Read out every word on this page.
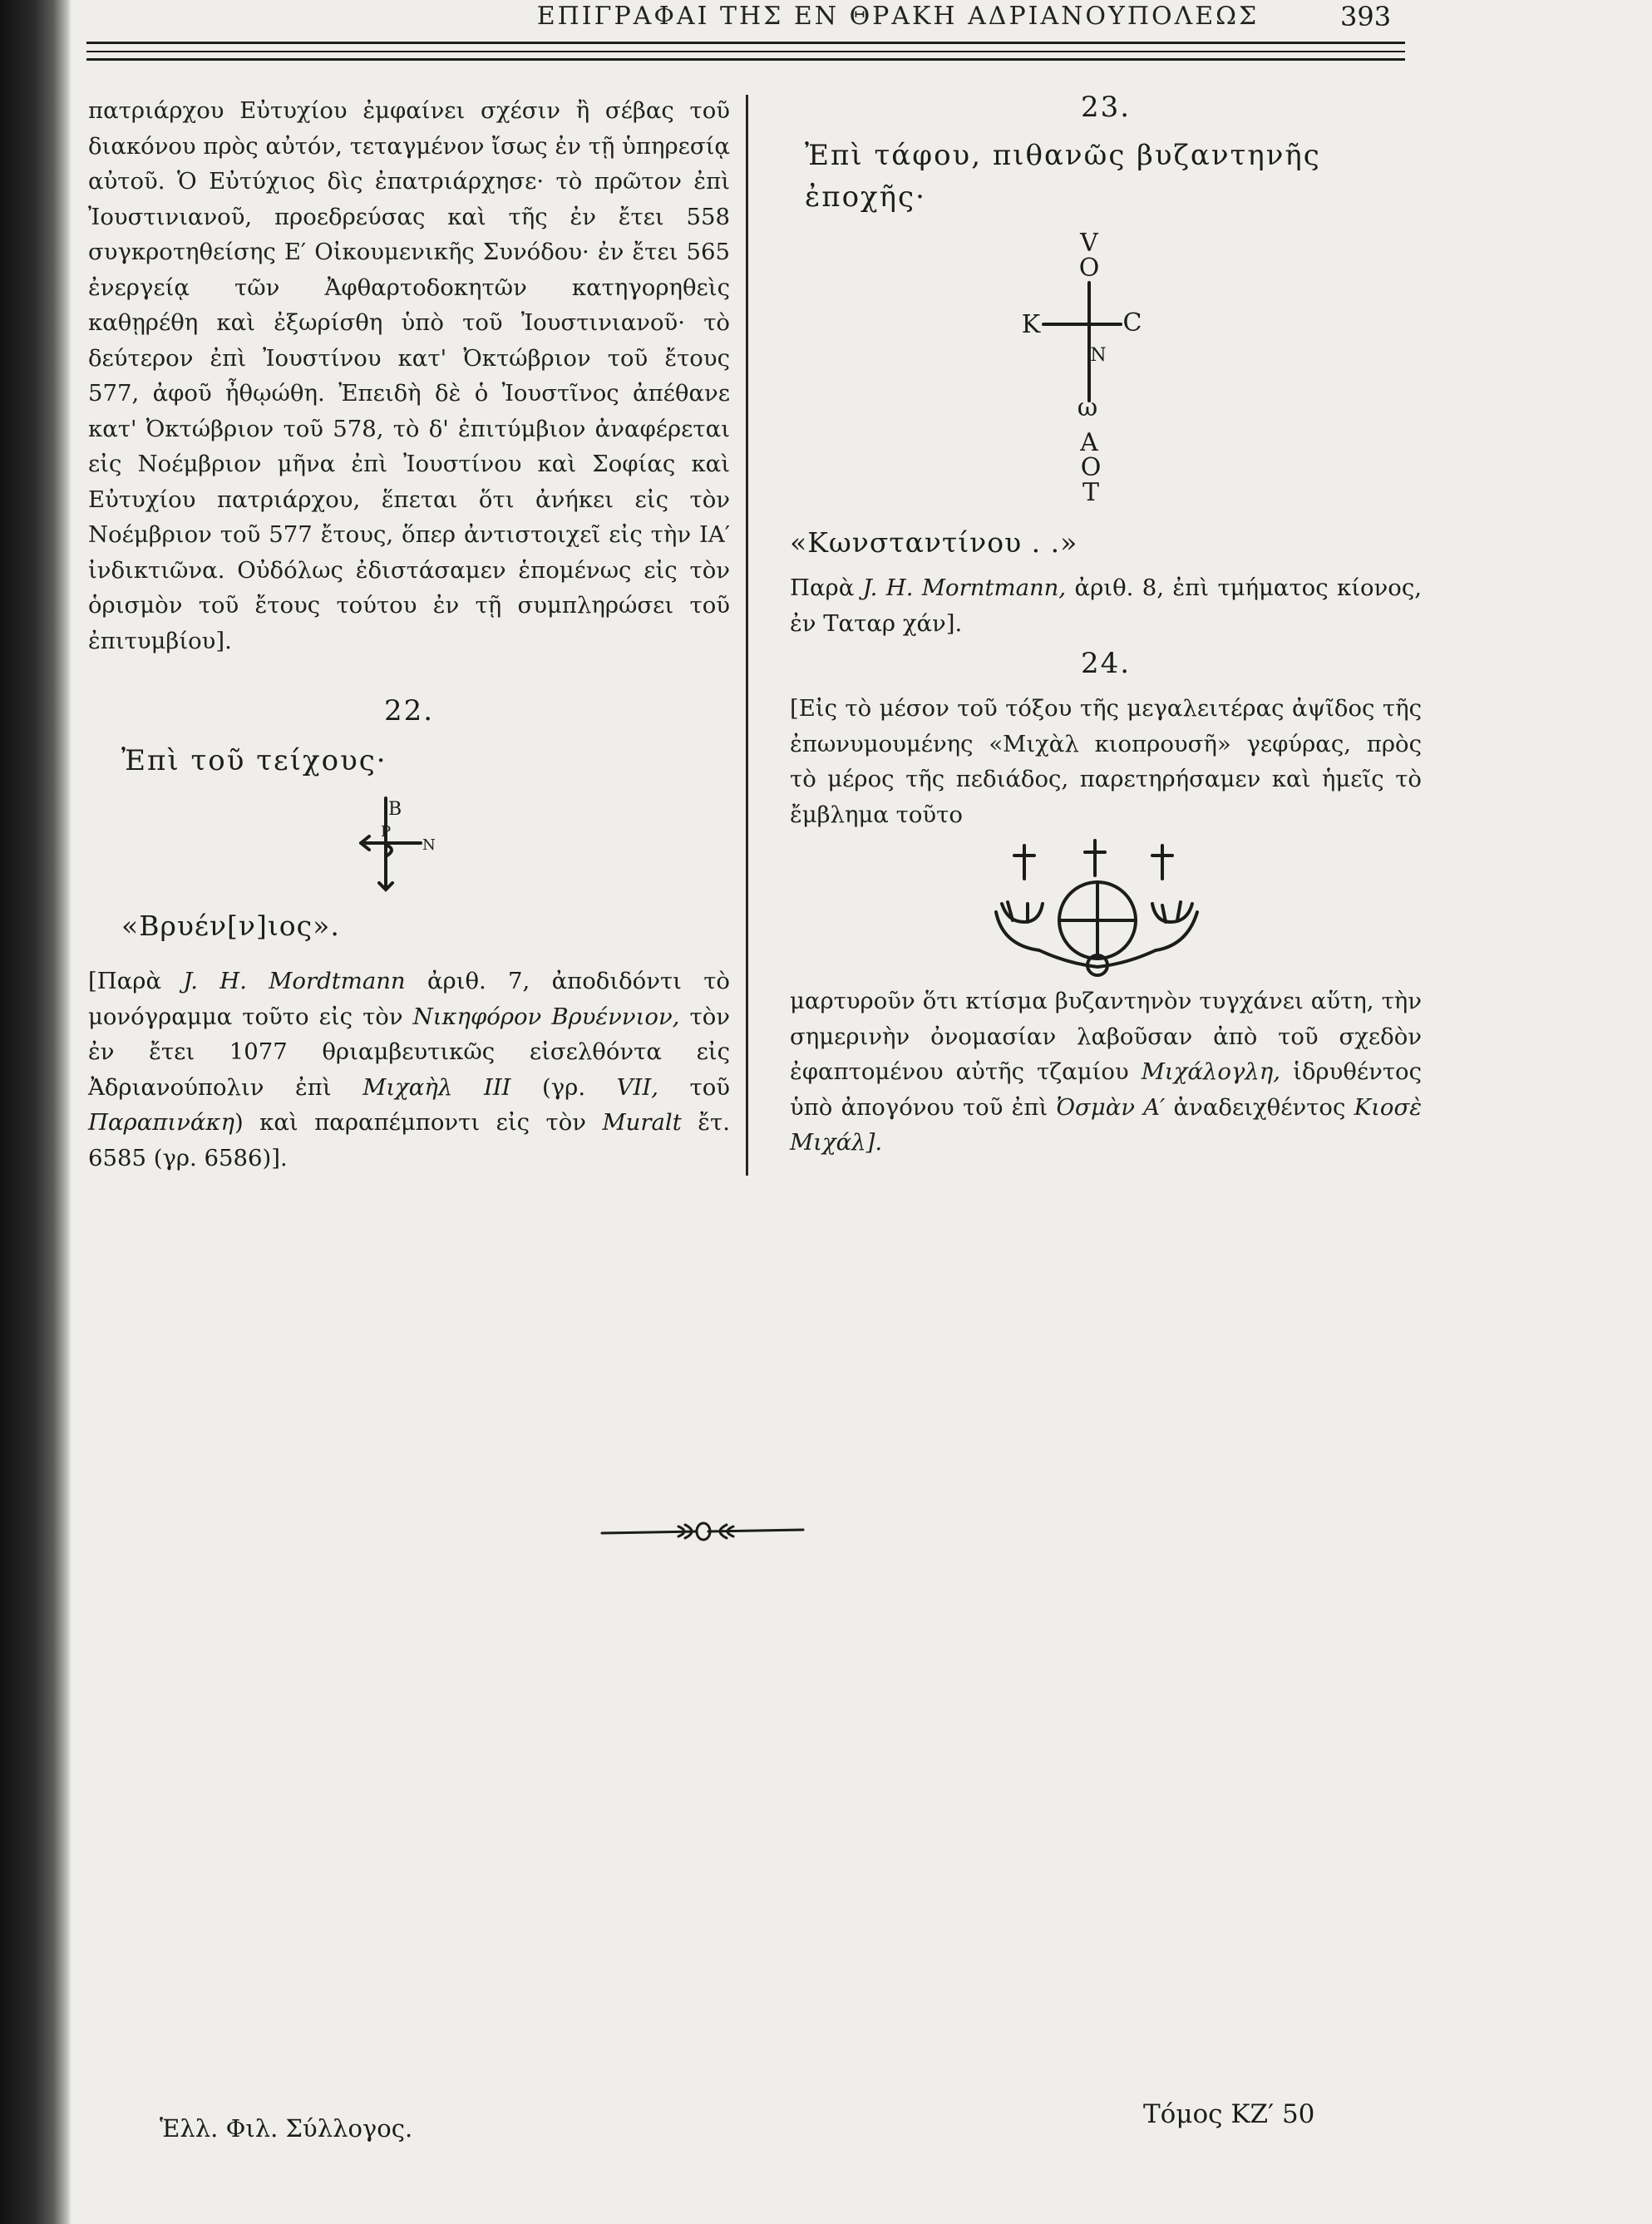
ΕΠΙΓΡΑΦΑΙ ΤΗΣ ΕΝ ΘΡΑΚΗ ΑΔΡΙΑΝΟΥΠΟΛΕΩΣ	393
πατριάρχου Εὐτυχίου ἐμφαίνει σχέσιν ἢ σέβας τοῦ διακόνου πρὸς αὐτόν, τεταγμένον ἴσως ἐν τῇ ὑπηρεσίᾳ αὐτοῦ. Ὁ Εὐτύχιος δὶς ἐπατριάρχησε· τὸ πρῶτον ἐπὶ Ἰουστινιανοῦ, προεδρεύσας καὶ τῆς ἐν ἔτει 558 συγκροτηθείσης Ε′ Οἰκουμενικῆς Συνόδου· ἐν ἔτει 565 ἐνεργείᾳ τῶν Ἀφθαρτοδοκητῶν κατηγορηθεὶς καθῃρέθη καὶ ἐξωρίσθη ὑπὸ τοῦ Ἰουστινιανοῦ· τὸ δεύτερον ἐπὶ Ἰουστίνου κατ' Ὀκτώβριον τοῦ ἔτους 577, ἀφοῦ ἦθῳώθη. Ἐπειδὴ δὲ ὁ Ἰουστῖνος ἀπέθανε κατ' Ὀκτώβριον τοῦ 578, τὸ δ' ἐπιτύμβιον ἀναφέρεται εἰς Νοέμβριον μῆνα ἐπὶ Ἰουστίνου καὶ Σοφίας καὶ Εὐτυχίου πατριάρχου, ἕπεται ὅτι ἀνήκει εἰς τὸν Νοέμβριον τοῦ 577 ἔτους, ὅπερ ἀντιστοιχεῖ εἰς τὴν ΙΑ′ ἰνδικτιῶνα. Οὐδόλως ἐδιστάσαμεν ἑπομένως εἰς τὸν ὁρισμὸν τοῦ ἔτους τούτου ἐν τῇ συμπληρώσει τοῦ ἐπιτυμβίου].
22.
Ἐπὶ τοῦ τείχους·
Β
Ρ
Ν
«Βρυέν[ν]ιος».
[Παρὰ J. H. Mordtmann ἀριθ. 7, ἀποδιδόντι τὸ μονόγραμμα τοῦτο εἰς τὸν Νικηφόρον Βρυέννιον, τὸν ἐν ἔτει 1077 θριαμβευτικῶς εἰσελθόντα εἰς Ἀδριανούπολιν ἐπὶ Μιχαὴλ III (γρ. VII, τοῦ Παραπινάκη) καὶ παραπέμποντι εἰς τὸν Muralt ἔτ. 6585 (γρ. 6586)].
23.
Ἐπὶ τάφου, πιθανῶς βυζαντηνῆς ἐποχῆς·
V
O
K	C
N
ω
A
O
T
«Κωνσταντίνου . .»
Παρὰ J. H. Morntmann, ἀριθ. 8, ἐπὶ τμήματος κίονος, ἐν Ταταρ χάν].
24.
[Εἰς τὸ μέσον τοῦ τόξου τῆς μεγαλειτέρας ἀψῖδος τῆς ἐπωνυμουμένης «Μιχὰλ κιοπρουσῆ» γεφύρας, πρὸς τὸ μέρος τῆς πεδιάδος, παρετηρήσαμεν καὶ ἡμεῖς τὸ ἔμβλημα τοῦτο
μαρτυροῦν ὅτι κτίσμα βυζαντηνὸν τυγχάνει αὕτη, τὴν σημερινὴν ὀνομασίαν λαβοῦσαν ἀπὸ τοῦ σχεδὸν ἐφαπτομένου αὐτῆς τζαμίου Μιχάλογλη, ἱδρυθέντος ὑπὸ ἀπογόνου τοῦ ἐπὶ Ὀσμὰν Α′ ἀναδειχθέντος Κιοσὲ Μιχάλ].
Ἑλλ. Φιλ. Σύλλογος.	Τόμος ΚΖ′ 50
